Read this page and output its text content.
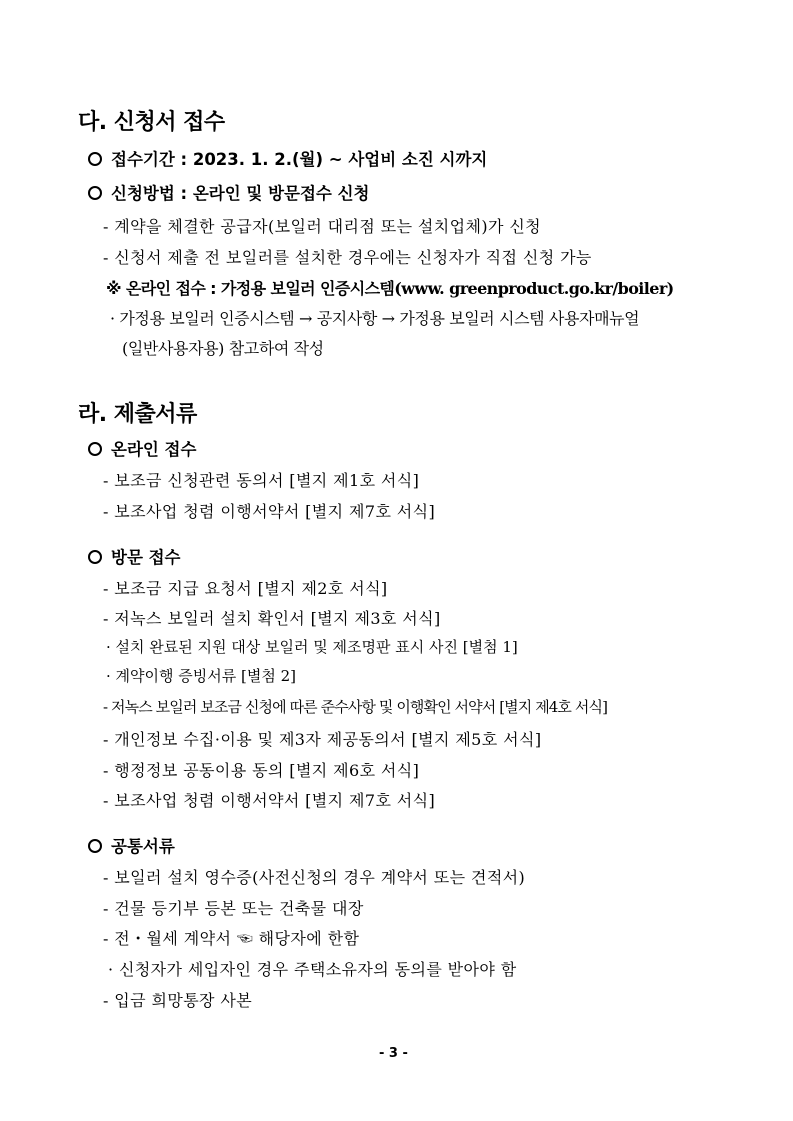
다. 신청서 접수
접수기간 : 2023. 1. 2.(월) ~ 사업비 소진 시까지
신청방법 : 온라인 및 방문접수 신청
- 계약을 체결한 공급자(보일러 대리점 또는 설치업체)가 신청
- 신청서 제출 전 보일러를 설치한 경우에는 신청자가 직접 신청 가능
※ 온라인 접수 : 가정용 보일러 인증시스템(www. greenproduct.go.kr/boiler)
· 가정용 보일러 인증시스템 → 공지사항 → 가정용 보일러 시스템 사용자매뉴얼
(일반사용자용) 참고하여 작성
라. 제출서류
온라인 접수
- 보조금 신청관련 동의서 [별지 제1호 서식]
- 보조사업 청렴 이행서약서 [별지 제7호 서식]
방문 접수
- 보조금 지급 요청서 [별지 제2호 서식]
- 저녹스 보일러 설치 확인서 [별지 제3호 서식]
· 설치 완료된 지원 대상 보일러 및 제조명판 표시 사진 [별첨 1]
· 계약이행 증빙서류 [별첨 2]
- 저녹스 보일러 보조금 신청에 따른 준수사항 및 이행확인 서약서 [별지 제4호 서식]
- 개인정보 수집·이용 및 제3자 제공동의서 [별지 제5호 서식]
- 행정정보 공동이용 동의 [별지 제6호 서식]
- 보조사업 청렴 이행서약서 [별지 제7호 서식]
공통서류
- 보일러 설치 영수증(사전신청의 경우 계약서 또는 견적서)
- 건물 등기부 등본 또는 건축물 대장
- 전・월세 계약서 ☜ 해당자에 한함
· 신청자가 세입자인 경우 주택소유자의 동의를 받아야 함
- 입금 희망통장 사본
- 3 -
